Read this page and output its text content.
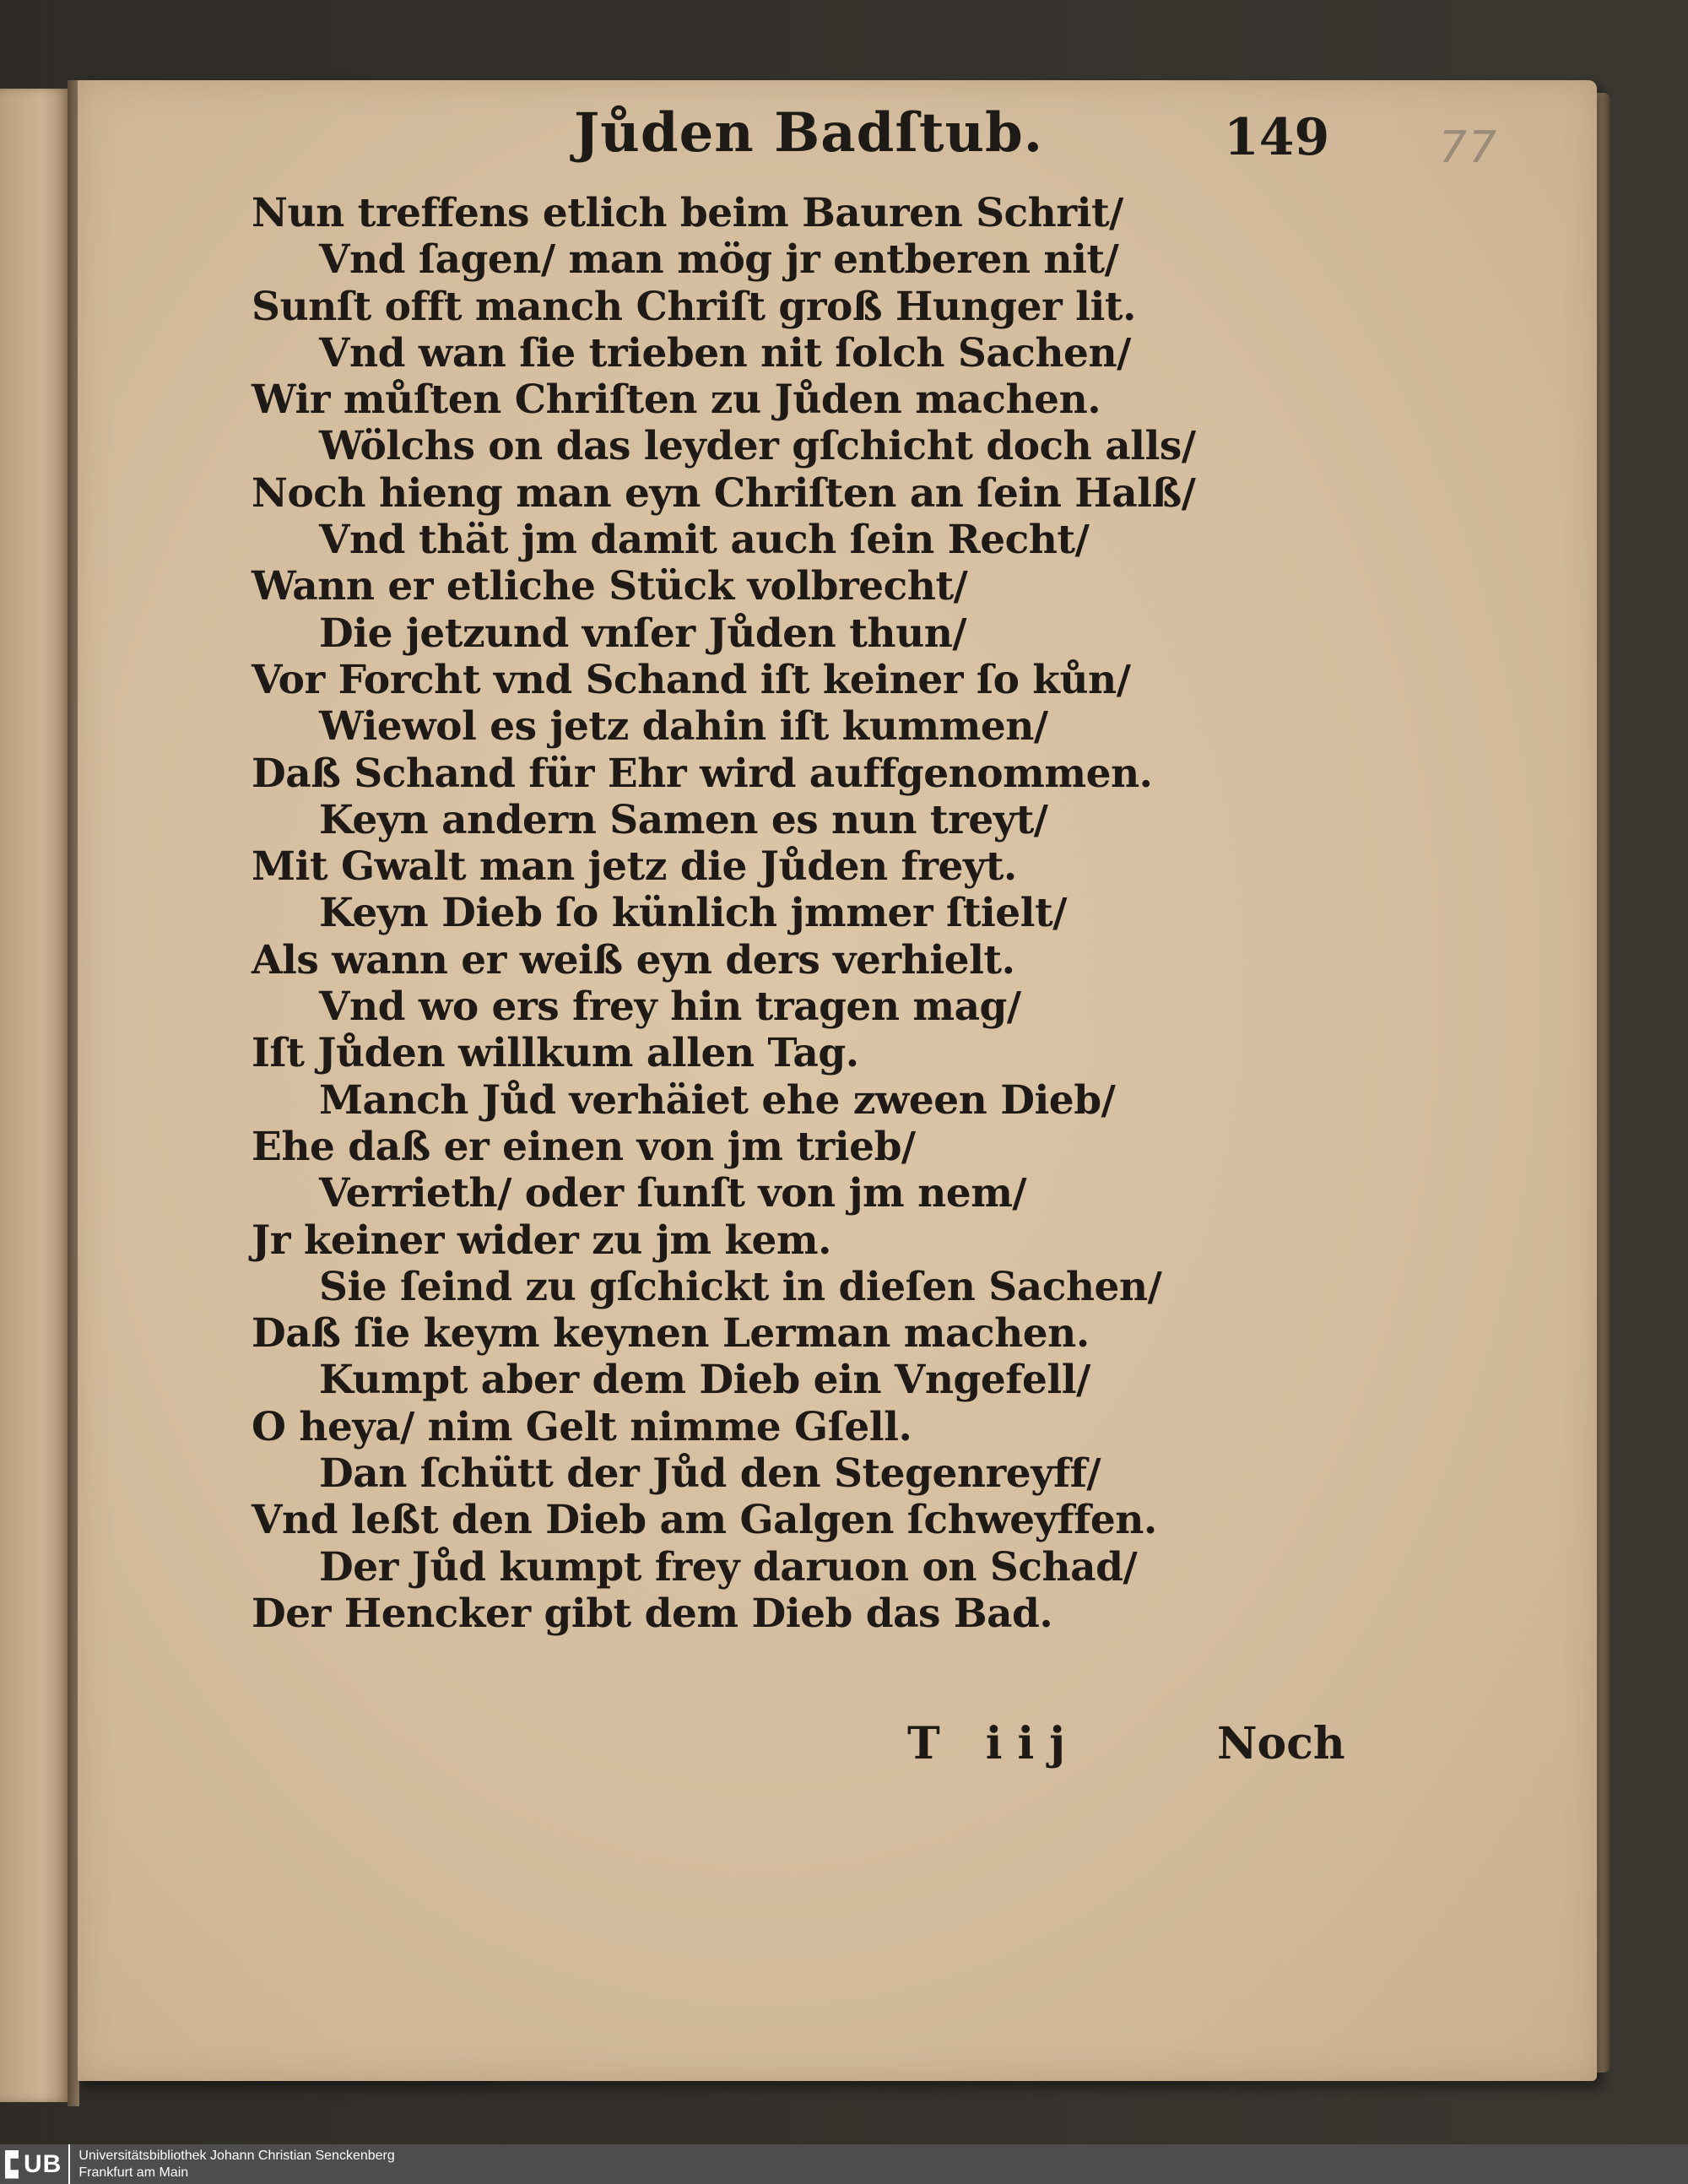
Jůden Badſtub.	149 77
Nun treffens etlich beim Bauren Schrit/
Vnd ſagen/ man mög jr entberen nit/
Sunſt offt manch Chriſt groß Hunger lit.
Vnd wan ſie trieben nit ſolch Sachen/
Wir můſten Chriſten zu Jůden machen.
Wölchs on das leyder gſchicht doch alls/
Noch hieng man eyn Chriſten an ſein Halß/
Vnd thät jm damit auch ſein Recht/
Wann er etliche Stück volbrecht/
Die jetzund vnſer Jůden thun/
Vor Forcht vnd Schand iſt keiner ſo kůn/
Wiewol es jetz dahin iſt kummen/
Daß Schand für Ehr wird auffgenommen.
Keyn andern Samen es nun treyt/
Mit Gwalt man jetz die Jůden freyt.
Keyn Dieb ſo künlich jmmer ſtielt/
Als wann er weiß eyn ders verhielt.
Vnd wo ers frey hin tragen mag/
Iſt Jůden willkum allen Tag.
Manch Jůd verhäiet ehe zween Dieb/
Ehe daß er einen von jm trieb/
Verrieth/ oder ſunſt von jm nem/
Jr keiner wider zu jm kem.
Sie ſeind zu gſchickt in dieſen Sachen/
Daß ſie keym keynen Lerman machen.
Kumpt aber dem Dieb ein Vngefell/
O heya/ nim Gelt nimme Gſell.
Dan ſchütt der Jůd den Stegenreyff/
Vnd leßt den Dieb am Galgen ſchweyffen.
Der Jůd kumpt frey daruon on Schad/
Der Hencker gibt dem Dieb das Bad.
T iij	Noch
UB Universitätsbibliothek Johann Christian Senckenberg
Frankfurt am Main
